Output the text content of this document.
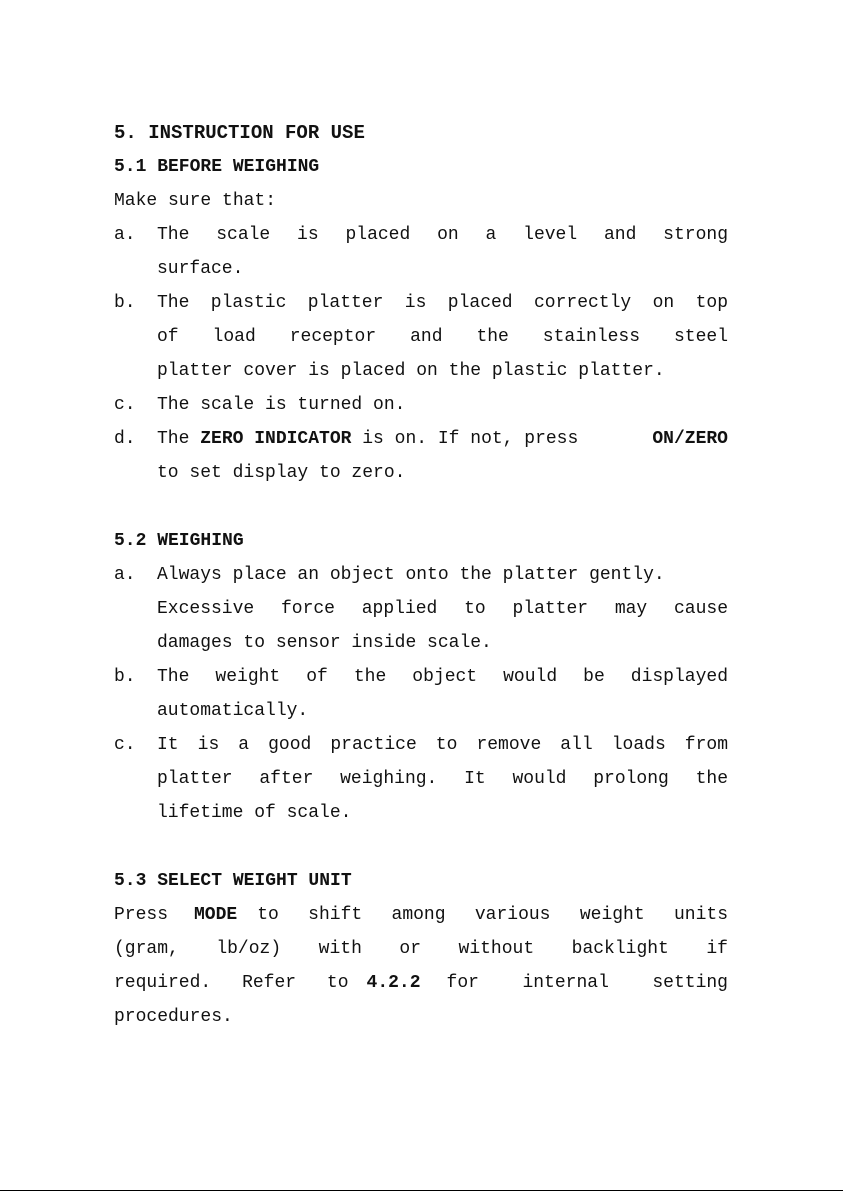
5. INSTRUCTION FOR USE
5.1 BEFORE WEIGHING
Make sure that:
a.	The scale is placed on a level and strong
surface.
b.	The plastic platter is placed correctly on top
of load receptor and the stainless steel
platter cover is placed on the plastic platter.
c.	The scale is turned on.
d.	The ZERO INDICATOR is on. If not, press	ON/ZERO
to set display to zero.
5.2 WEIGHING
a.	Always place an object onto the platter gently.
Excessive force applied to platter may cause
damages to sensor inside scale.
b.	The weight of the object would be displayed
automatically.
c.	It is a good practice to remove all loads from
platter after weighing. It would prolong the
lifetime of scale.
5.3 SELECT WEIGHT UNIT
Press MODE	to shift among various weight units
(gram, lb/oz) with or without backlight if
required. Refer to	4.2.2	for internal setting
procedures.
